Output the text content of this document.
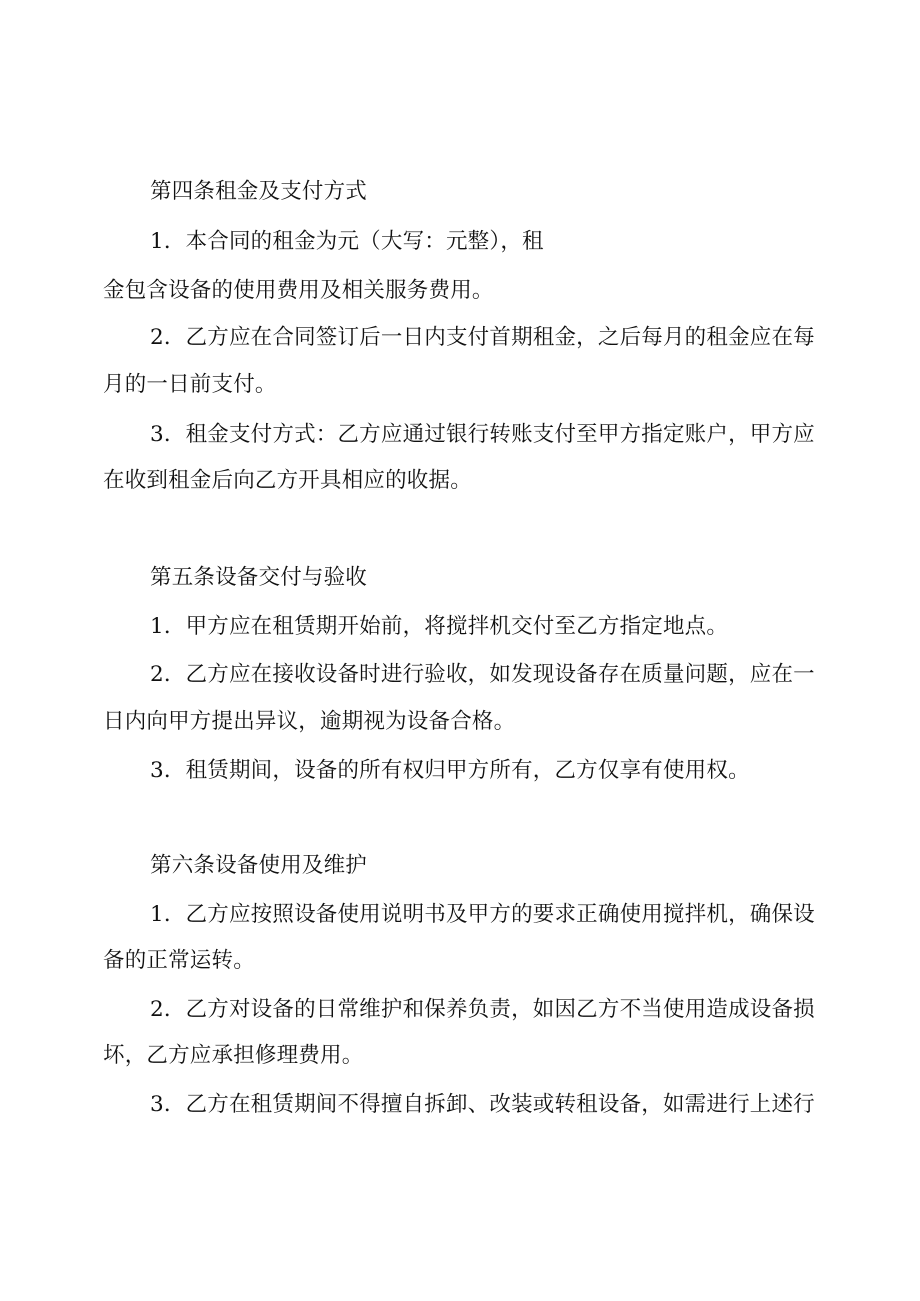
第四条租金及支付方式
1．本合同的租金为元（大写：元整），租
金包含设备的使用费用及相关服务费用。
2．乙方应在合同签订后一日内支付首期租金，之后每月的租金应在每
月的一日前支付。
3．租金支付方式：乙方应通过银行转账支付至甲方指定账户，甲方应
在收到租金后向乙方开具相应的收据。
第五条设备交付与验收
1．甲方应在租赁期开始前，将搅拌机交付至乙方指定地点。
2．乙方应在接收设备时进行验收，如发现设备存在质量问题，应在一
日内向甲方提出异议，逾期视为设备合格。
3．租赁期间，设备的所有权归甲方所有，乙方仅享有使用权。
第六条设备使用及维护
1．乙方应按照设备使用说明书及甲方的要求正确使用搅拌机，确保设
备的正常运转。
2．乙方对设备的日常维护和保养负责，如因乙方不当使用造成设备损
坏，乙方应承担修理费用。
3．乙方在租赁期间不得擅自拆卸、改装或转租设备，如需进行上述行
